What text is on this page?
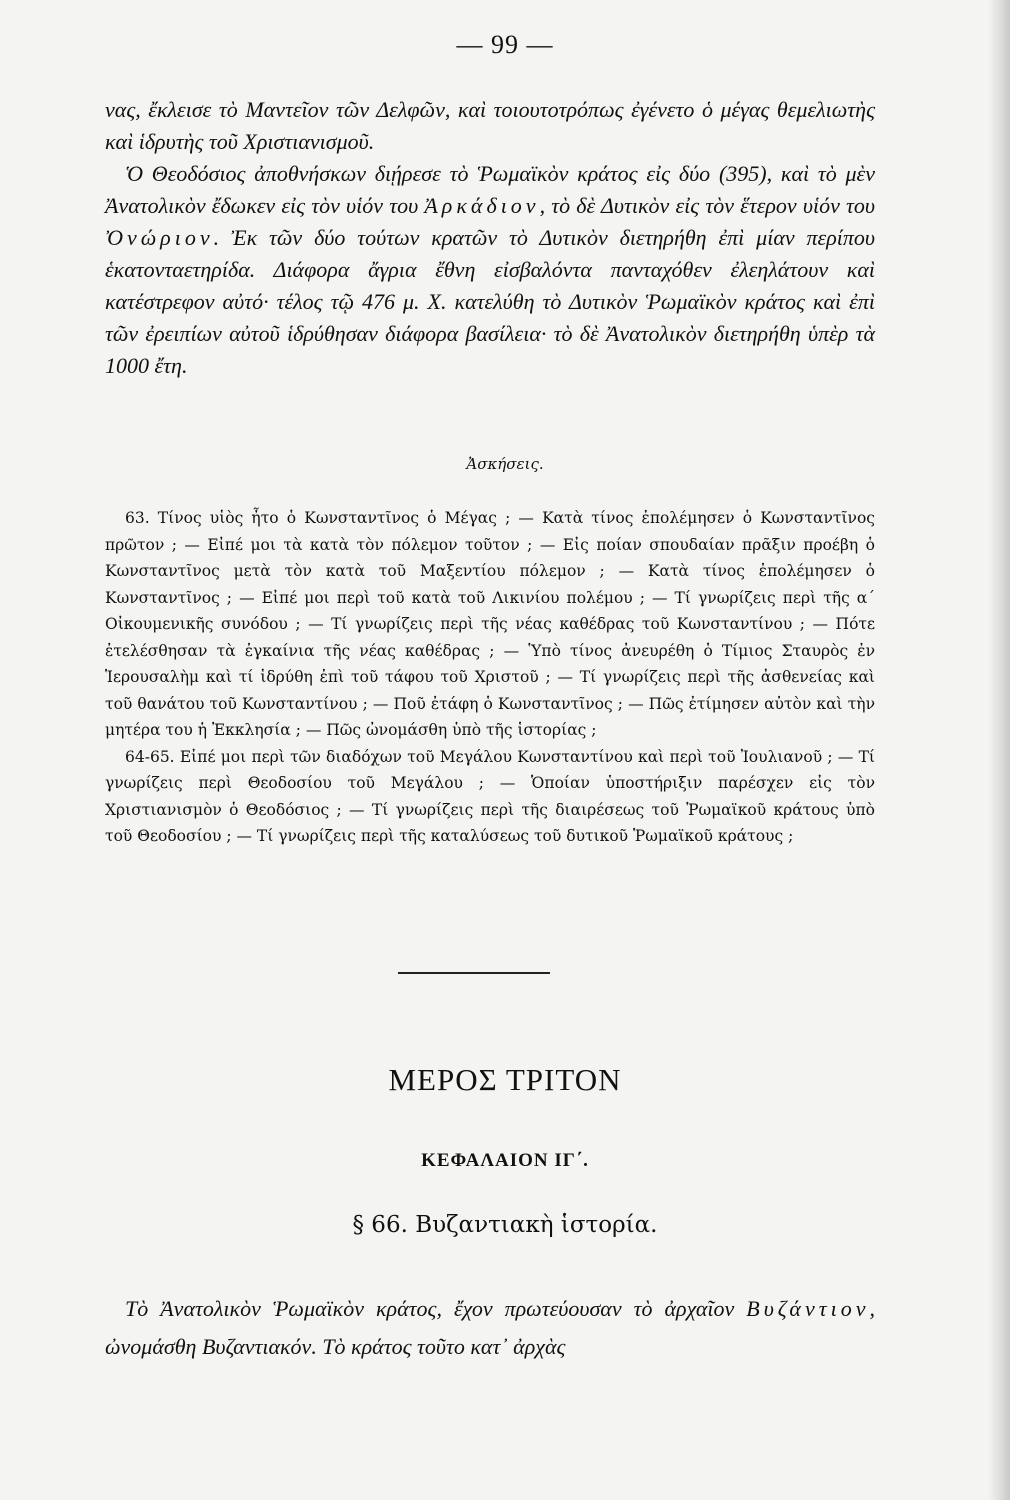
— 99 —

νας, ἔκλεισε τὸ Μαντεῖον τῶν Δελφῶν, καὶ τοιουτοτρόπως ἐγένετο ὁ μέγας θεμελιωτὴς καὶ ἱδρυτὴς τοῦ Χριστιανισμοῦ.

Ὁ Θεοδόσιος ἀποθνήσκων διῄρεσε τὸ Ῥωμαϊκὸν κράτος εἰς δύο (395), καὶ τὸ μὲν Ἀνατολικὸν ἔδωκεν εἰς τὸν υἱόν του Ἀρκάδιον, τὸ δὲ Δυτικὸν εἰς τὸν ἕτερον υἱόν του Ὀνώριον. Ἐκ τῶν δύο τούτων κρατῶν τὸ Δυτικὸν διετηρήθη ἐπὶ μίαν περίπου ἑκατονταετηρίδα. Διάφορα ἄγρια ἔθνη εἰσβαλόντα πανταχόθεν ἐλεηλάτουν καὶ κατέστρεφον αὐτό· τέλος τῷ 476 μ. Χ. κατελύθη τὸ Δυτικὸν Ῥωμαϊκὸν κράτος καὶ ἐπὶ τῶν ἐρειπίων αὐτοῦ ἱδρύθησαν διάφορα βασίλεια· τὸ δὲ Ἀνατολικὸν διετηρήθη ὑπὲρ τὰ 1000 ἔτη.

Ἀσκήσεις.

63. Τίνος υἱὸς ἦτο ὁ Κωνσταντῖνος ὁ Μέγας ; — Κατὰ τίνος ἐπολέμησεν ὁ Κωνσταντῖνος πρῶτον ; — Εἰπέ μοι τὰ κατὰ τὸν πόλεμον τοῦτον ; — Εἰς ποίαν σπουδαίαν πρᾶξιν προέβη ὁ Κωνσταντῖνος μετὰ τὸν κατὰ τοῦ Μαξεντίου πόλεμον ; — Κατὰ τίνος ἐπολέμησεν ὁ Κωνσταντῖνος ; — Εἰπέ μοι περὶ τοῦ κατὰ τοῦ Λικινίου πολέμου ; — Τί γνωρίζεις περὶ τῆς α΄ Οἰκουμενικῆς συνόδου ; — Τί γνωρίζεις περὶ τῆς νέας καθέδρας τοῦ Κωνσταντίνου ; — Πότε ἐτελέσθησαν τὰ ἐγκαίνια τῆς νέας καθέδρας ; — Ὑπὸ τίνος ἀνευρέθη ὁ Τίμιος Σταυρὸς ἐν Ἱερουσαλὴμ καὶ τί ἱδρύθη ἐπὶ τοῦ τάφου τοῦ Χριστοῦ ; — Τί γνωρίζεις περὶ τῆς ἀσθενείας καὶ τοῦ θανάτου τοῦ Κωνσταντίνου ; — Ποῦ ἐτάφη ὁ Κωνσταντῖνος ; — Πῶς ἐτίμησεν αὐτὸν καὶ τὴν μητέρα του ἡ Ἐκκλησία ; — Πῶς ὠνομάσθη ὑπὸ τῆς ἱστορίας ;

64-65. Εἰπέ μοι περὶ τῶν διαδόχων τοῦ Μεγάλου Κωνσταντίνου καὶ περὶ τοῦ Ἰουλιανοῦ ; — Τί γνωρίζεις περὶ Θεοδοσίου τοῦ Μεγάλου ; — Ὁποίαν ὑποστήριξιν παρέσχεν εἰς τὸν Χριστιανισμὸν ὁ Θεοδόσιος ; — Τί γνωρίζεις περὶ τῆς διαιρέσεως τοῦ Ῥωμαϊκοῦ κράτους ὑπὸ τοῦ Θεοδοσίου ; — Τί γνωρίζεις περὶ τῆς καταλύσεως τοῦ δυτικοῦ Ῥωμαϊκοῦ κράτους ;

ΜΕΡΟΣ ΤΡΙΤΟΝ
ΚΕΦΑΛΑΙΟΝ ΙΓ΄.
§ 66. Βυζαντιακὴ ἱστορία.

Τὸ Ἀνατολικὸν Ῥωμαϊκὸν κράτος, ἔχον πρωτεύουσαν τὸ ἀρχαῖον Βυζάντιον, ὠνομάσθη Βυζαντιακόν. Τὸ κράτος τοῦτο κατ᾽ ἀρχὰς
